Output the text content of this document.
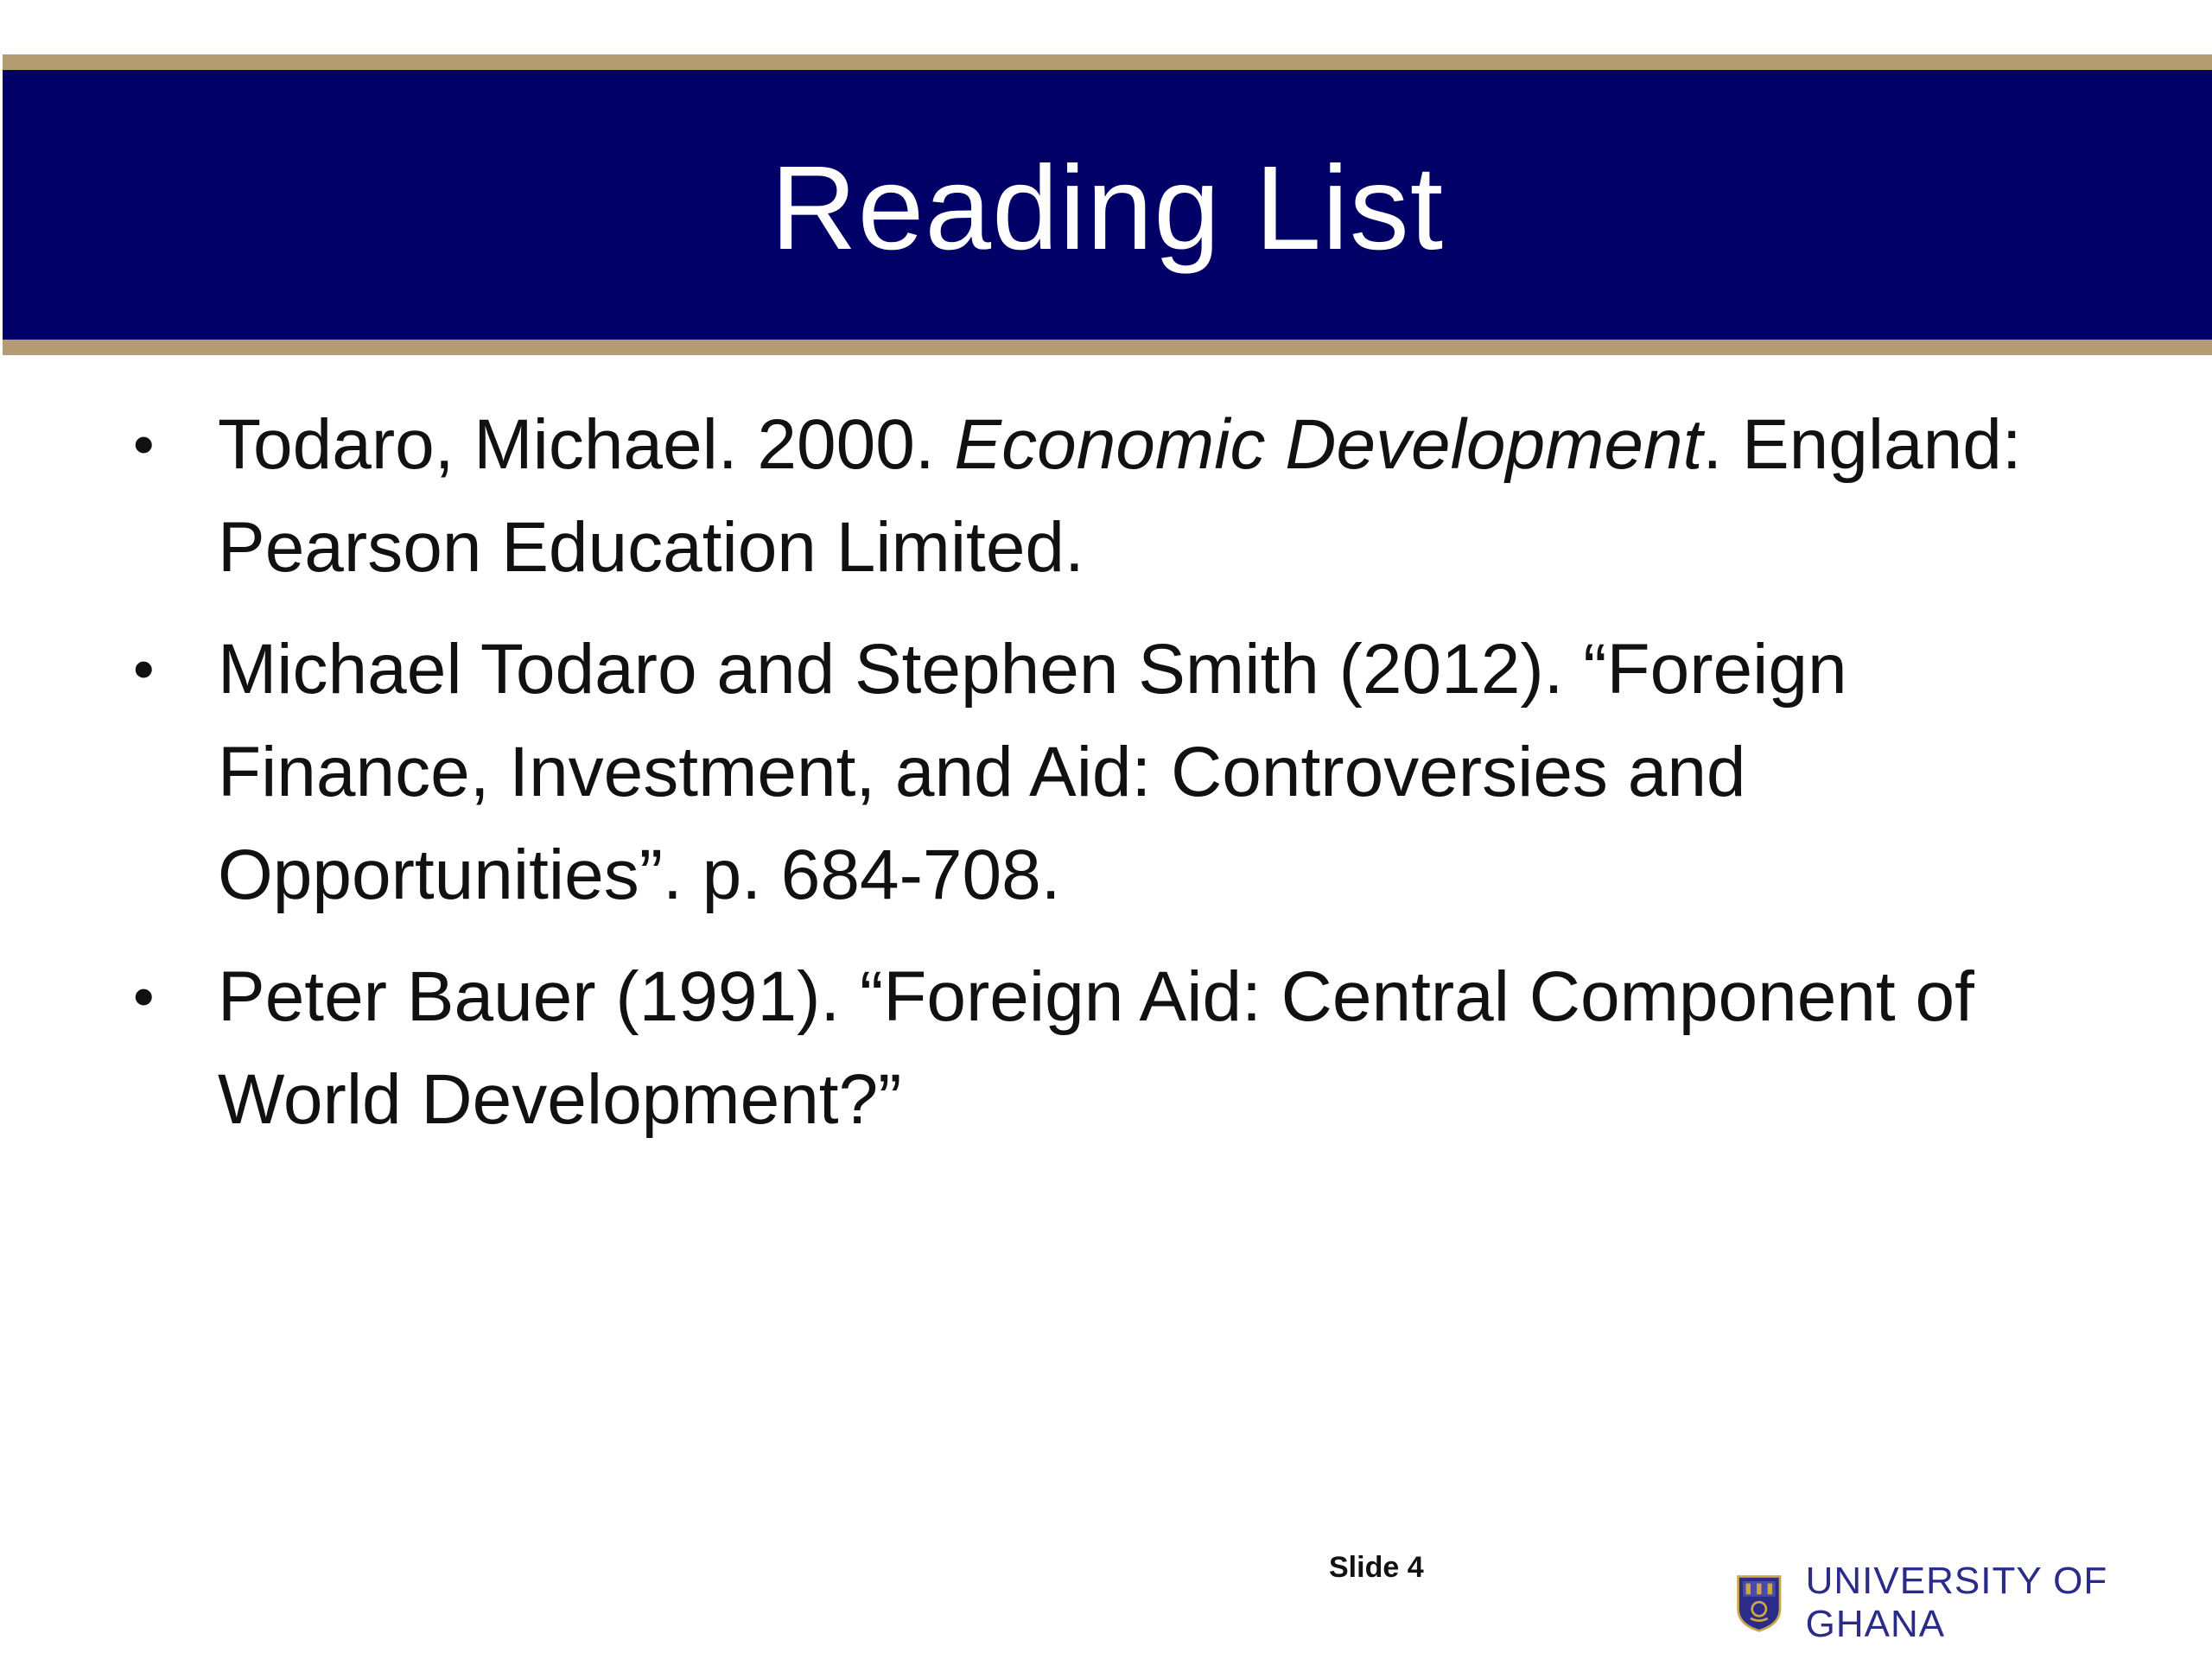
Reading List
• Todaro, Michael. 2000. Economic Development. England: Pearson Education Limited.
• Michael Todaro and Stephen Smith (2012). “Foreign Finance, Investment, and Aid: Controversies and Opportunities”. p. 684-708.
• Peter Bauer (1991). “Foreign Aid: Central Component of World Development?”
Slide 4	UNIVERSITY OF GHANA
